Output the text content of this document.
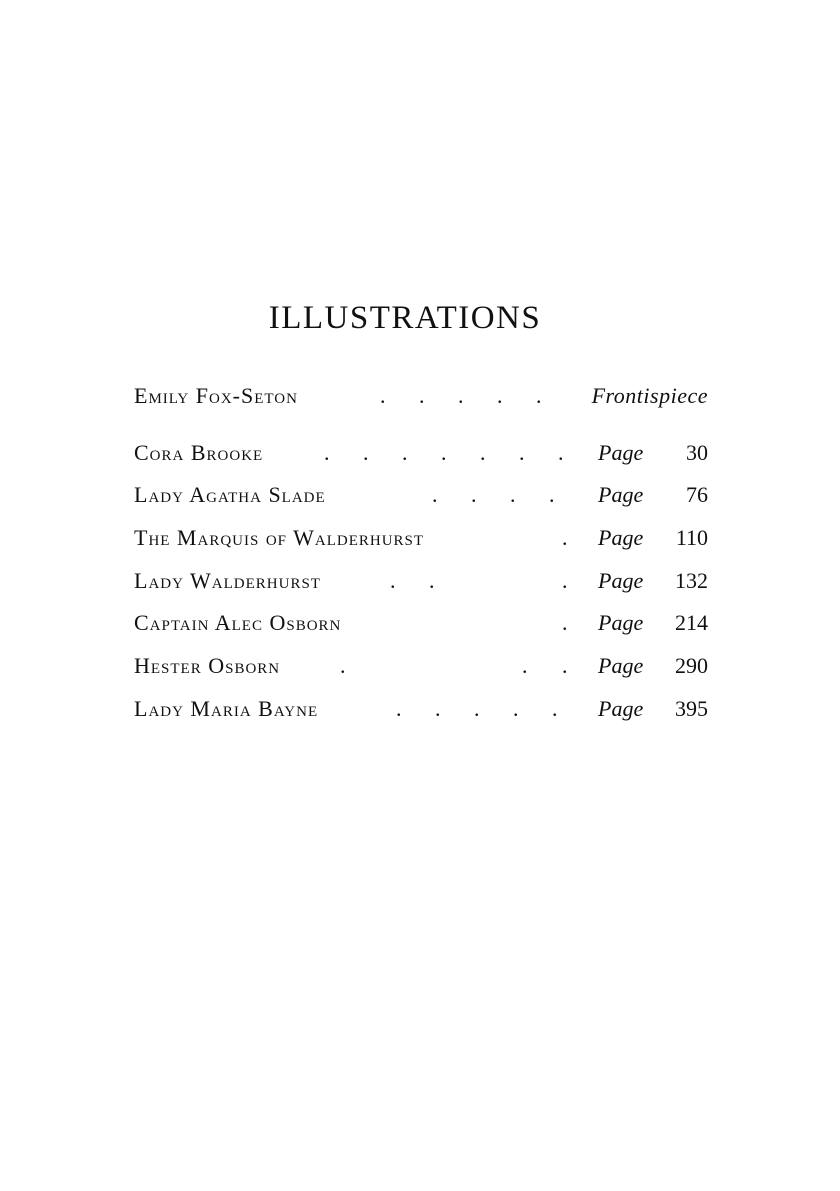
ILLUSTRATIONS
Emily Fox-Seton	. . . . . Frontispiece
Cora Brooke	. . . . . . . Page 30
Lady Agatha Slade	. . . . Page 76
The Marquis of Walderhurst	. Page 110
Lady Walderhurst	. .	. Page 132
Captain Alec Osborn	. Page 214
Hester Osborn	.	. . Page 290
Lady Maria Bayne	. . . . . Page 395
